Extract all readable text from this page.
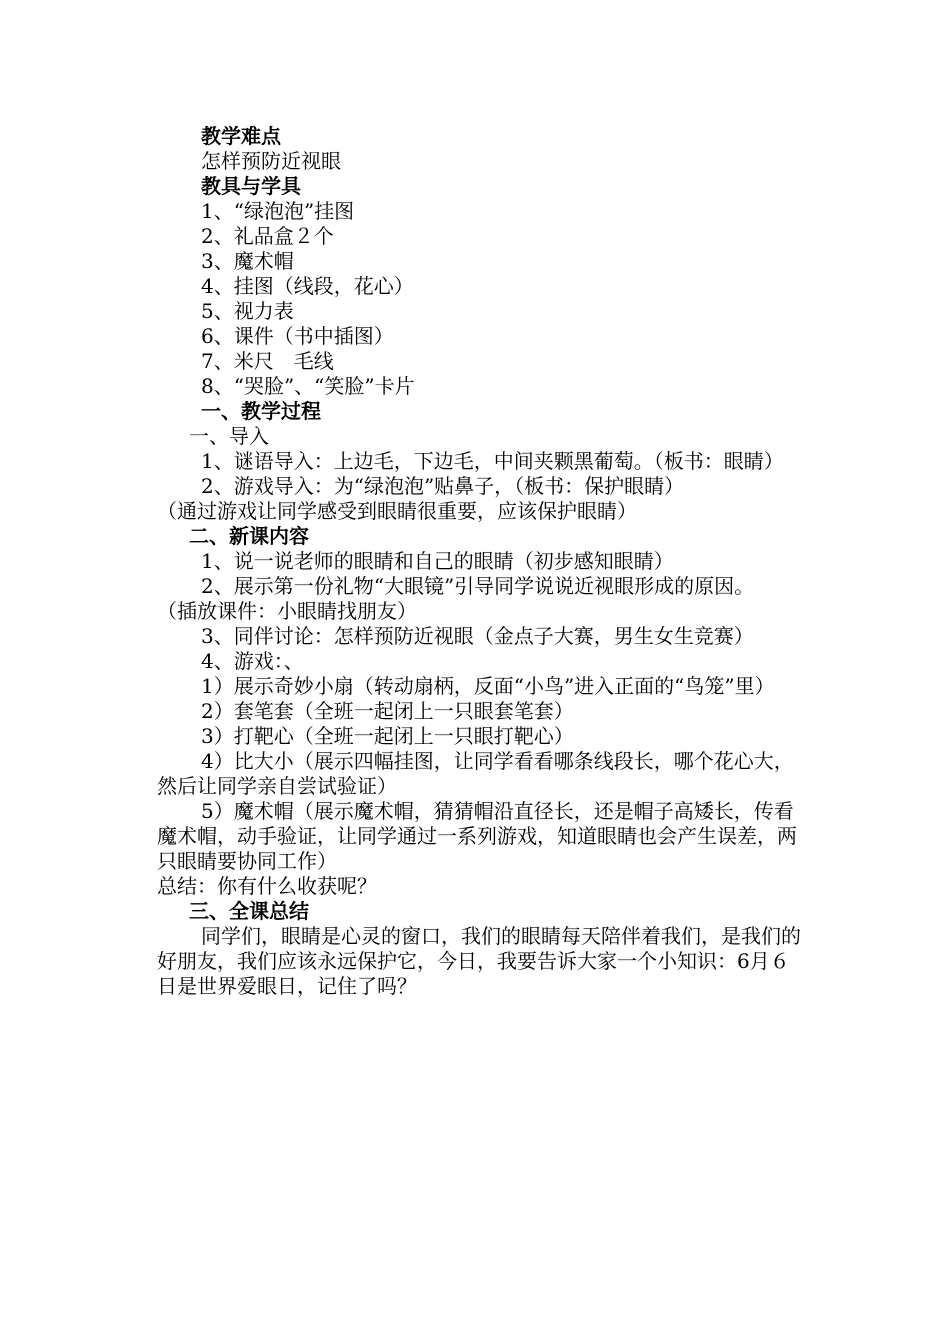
教学难点

怎样预防近视眼

教具与学具

1、“绿泡泡”挂图

2、礼品盒２个

3、魔术帽

4、挂图（线段，花心）

5、视力表

6、课件（书中插图）

7、米尺　毛线

8、“哭脸”、“笑脸”卡片

一、教学过程

一、导入

1、谜语导入：上边毛，下边毛，中间夹颗黑葡萄。（板书：眼睛）

2、游戏导入：为“绿泡泡”贴鼻子，（板书：保护眼睛）

（通过游戏让同学感受到眼睛很重要，应该保护眼睛）

二、新课内容

1、说一说老师的眼睛和自己的眼睛（初步感知眼睛）

2、展示第一份礼物“大眼镜”引导同学说说近视眼形成的原因。

（插放课件：小眼睛找朋友）

3、同伴讨论：怎样预防近视眼（金点子大赛，男生女生竞赛）

4、游戏：、

1）展示奇妙小扇（转动扇柄，反面“小鸟”进入正面的“鸟笼”里）

2）套笔套（全班一起闭上一只眼套笔套）

3）打靶心（全班一起闭上一只眼打靶心）

4）比大小（展示四幅挂图，让同学看看哪条线段长，哪个花心大，然后让同学亲自尝试验证）

5）魔术帽（展示魔术帽，猜猜帽沿直径长，还是帽子高矮长，传看魔术帽，动手验证，让同学通过一系列游戏，知道眼睛也会产生误差，两只眼睛要协同工作）

总结：你有什么收获呢？

三、全课总结

同学们，眼睛是心灵的窗口，我们的眼睛每天陪伴着我们，是我们的好朋友，我们应该永远保护它，今日，我要告诉大家一个小知识：6月６日是世界爱眼日，记住了吗？
